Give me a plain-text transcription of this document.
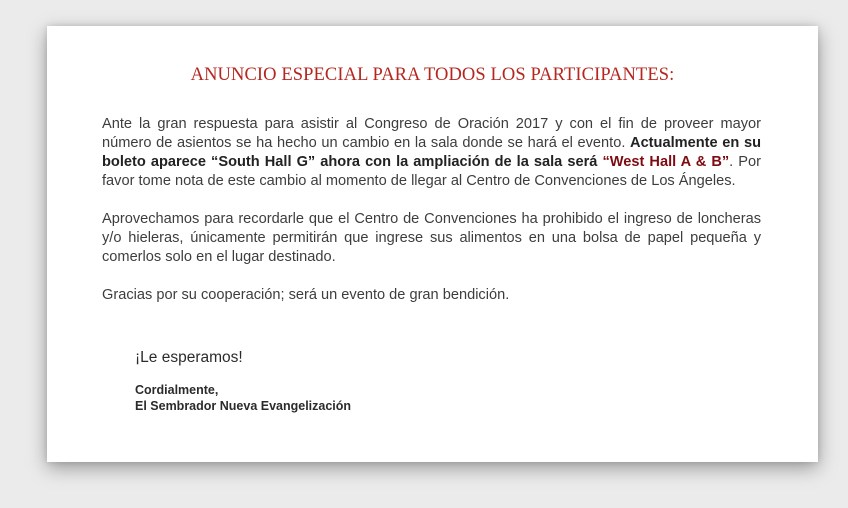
ANUNCIO ESPECIAL PARA TODOS LOS PARTICIPANTES:

Ante la gran respuesta para asistir al Congreso de Oración 2017 y con el fin de proveer mayor número de asientos se ha hecho un cambio en la sala donde se hará el evento. Actualmente en su boleto aparece “South Hall G” ahora con la ampliación de la sala será “West Hall A & B”. Por favor tome nota de este cambio al momento de llegar al Centro de Convenciones de Los Ángeles.

Aprovechamos para recordarle que el Centro de Convenciones ha prohibido el ingreso de loncheras y/o hieleras, únicamente permitirán que ingrese sus alimentos en una bolsa de papel pequeña y comerlos solo en el lugar destinado.

Gracias por su cooperación; será un evento de gran bendición.

¡Le esperamos!

Cordialmente,
El Sembrador Nueva Evangelización
